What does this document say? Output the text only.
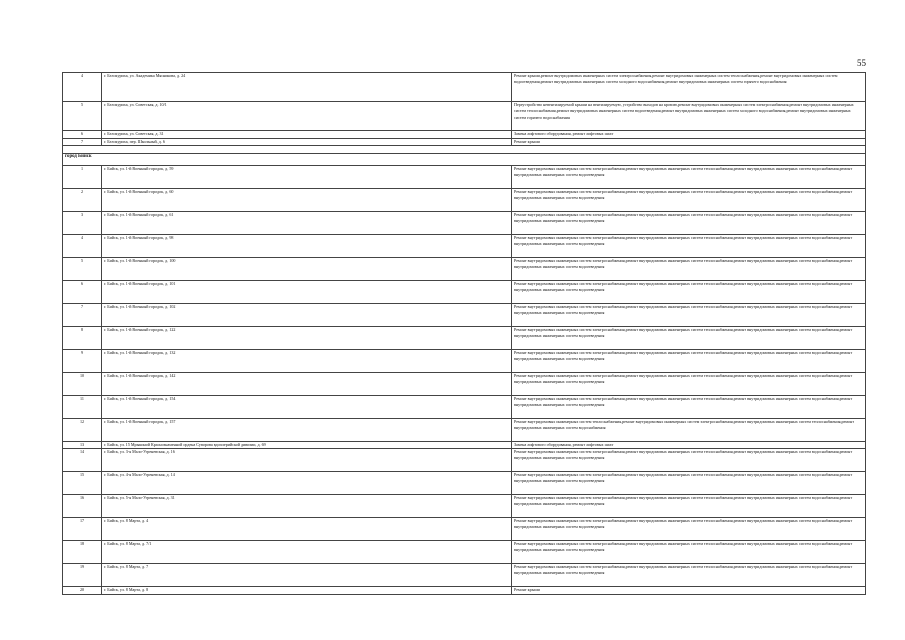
55
4	г. Белокуриха, ул. Академика Мясникова, д. 24	Ремонт крыши,ремонт внутридомовых инженерных систем электроснабжения,ремонт внутридомовых инженерных систем теплоснабжения,ремонт внутридомовых инженерных систем водоотведения,ремонт внутридомовых инженерных систем холодного водоснабжения,ремонт внутридомовых инженерных систем горячего водоснабжения
5	г. Белокуриха, ул. Советская, д. 10/1	Переустройство невентилируемой крыши на вентилируемую, устройство выходов на кровлю,ремонт внутридомовых инженерных систем электроснабжения,ремонт внутридомовых инженерных систем теплоснабжения,ремонт внутридомовых инженерных систем водоотведения,ремонт внутридомовых инженерных систем холодного водоснабжения,ремонт внутридомовых инженерных систем горячего водоснабжения
6	г. Белокуриха, ул. Советская, д. 31	Замена лифтового оборудования, ремонт лифтовых шахт
7	г. Белокуриха, пер. Школьный, д. 6	Ремонт крыши

город Бийск		
1	г. Бийск, ул. 1-й Военный городок, д. 59	Ремонт внутридомовых инженерных систем электроснабжения,ремонт внутридомовых инженерных систем теплоснабжения,ремонт внутридомовых инженерных систем водоснабжения,ремонт внутридомовых инженерных систем водоотведения
2	г. Бийск, ул. 1-й Военный городок, д. 60	Ремонт внутридомовых инженерных систем электроснабжения,ремонт внутридомовых инженерных систем теплоснабжения,ремонт внутридомовых инженерных систем водоснабжения,ремонт внутридомовых инженерных систем водоотведения
3	г. Бийск, ул. 1-й Военный городок, д. 61	Ремонт внутридомовых инженерных систем электроснабжения,ремонт внутридомовых инженерных систем теплоснабжения,ремонт внутридомовых инженерных систем водоснабжения,ремонт внутридомовых инженерных систем водоотведения
4	г. Бийск, ул. 1-й Военный городок, д. 98	Ремонт внутридомовых инженерных систем электроснабжения,ремонт внутридомовых инженерных систем теплоснабжения,ремонт внутридомовых инженерных систем водоснабжения,ремонт внутридомовых инженерных систем водоотведения
5	г. Бийск, ул. 1-й Военный городок, д. 100	Ремонт внутридомовых инженерных систем электроснабжения,ремонт внутридомовых инженерных систем теплоснабжения,ремонт внутридомовых инженерных систем водоснабжения,ремонт внутридомовых инженерных систем водоотведения
6	г. Бийск, ул. 1-й Военный городок, д. 101	Ремонт внутридомовых инженерных систем электроснабжения,ремонт внутридомовых инженерных систем теплоснабжения,ремонт внутридомовых инженерных систем водоснабжения,ремонт внутридомовых инженерных систем водоотведения
7	г. Бийск, ул. 1-й Военный городок, д. 102	Ремонт внутридомовых инженерных систем электроснабжения,ремонт внутридомовых инженерных систем теплоснабжения,ремонт внутридомовых инженерных систем водоснабжения,ремонт внутридомовых инженерных систем водоотведения
8	г. Бийск, ул. 1-й Военный городок, д. 122	Ремонт внутридомовых инженерных систем электроснабжения,ремонт внутридомовых инженерных систем теплоснабжения,ремонт внутридомовых инженерных систем водоснабжения,ремонт внутридомовых инженерных систем водоотведения
9	г. Бийск, ул. 1-й Военный городок, д. 132	Ремонт внутридомовых инженерных систем электроснабжения,ремонт внутридомовых инженерных систем теплоснабжения,ремонт внутридомовых инженерных систем водоснабжения,ремонт внутридомовых инженерных систем водоотведения
10	г. Бийск, ул. 1-й Военный городок, д. 142	Ремонт внутридомовых инженерных систем электроснабжения,ремонт внутридомовых инженерных систем теплоснабжения,ремонт внутридомовых инженерных систем водоснабжения,ремонт внутридомовых инженерных систем водоотведения
11	г. Бийск, ул. 1-й Военный городок, д. 154	Ремонт внутридомовых инженерных систем электроснабжения,ремонт внутридомовых инженерных систем теплоснабжения,ремонт внутридомовых инженерных систем водоснабжения,ремонт внутридомовых инженерных систем водоотведения
12	г. Бийск, ул. 1-й Военный городок, д. 157	Ремонт внутридомовых инженерных систем теплоснабжения,ремонт внутридомовых инженерных систем электроснабжения,ремонт внутридомовых инженерных систем теплоснабжения,ремонт внутридомовых инженерных систем водоснабжения
13	г. Бийск, ул. 15 Мрыкиной Краснознаменной ордена Суворова вдоплерийской дивизии, д. 69	Замена лифтового оборудования, ремонт лифтовых шахт
14	г. Бийск, ул. 3-я Мало-Угреневская, д. 16	Ремонт внутридомовых инженерных систем электроснабжения,ремонт внутридомовых инженерных систем теплоснабжения,ремонт внутридомовых инженерных систем водоснабжения,ремонт внутридомовых инженерных систем водоотведения
15	г. Бийск, ул. 4-я Мало-Угреневская, д. 14	Ремонт внутридомовых инженерных систем электроснабжения,ремонт внутридомовых инженерных систем теплоснабжения,ремонт внутридомовых инженерных систем водоснабжения,ремонт внутридомовых инженерных систем водоотведения
16	г. Бийск, ул. 5-я Мало-Угреневская, д. 31	Ремонт внутридомовых инженерных систем электроснабжения,ремонт внутридомовых инженерных систем теплоснабжения,ремонт внутридомовых инженерных систем водоснабжения,ремонт внутридомовых инженерных систем водоотведения
17	г. Бийск, ул. 8 Марта, д. 4	Ремонт внутридомовых инженерных систем электроснабжения,ремонт внутридомовых инженерных систем теплоснабжения,ремонт внутридомовых инженерных систем водоснабжения,ремонт внутридомовых инженерных систем водоотведения
18	г. Бийск, ул. 8 Марта, д. 7/1	Ремонт внутридомовых инженерных систем электроснабжения,ремонт внутридомовых инженерных систем теплоснабжения,ремонт внутридомовых инженерных систем водоснабжения,ремонт внутридомовых инженерных систем водоотведения
19	г. Бийск, ул. 8 Марта, д. 7	Ремонт внутридомовых инженерных систем электроснабжения,ремонт внутридомовых инженерных систем теплоснабжения,ремонт внутридомовых инженерных систем водоснабжения,ремонт внутридомовых инженерных систем водоотведения
20	г. Бийск, ул. 8 Марта, д. 8	Ремонт крыши
